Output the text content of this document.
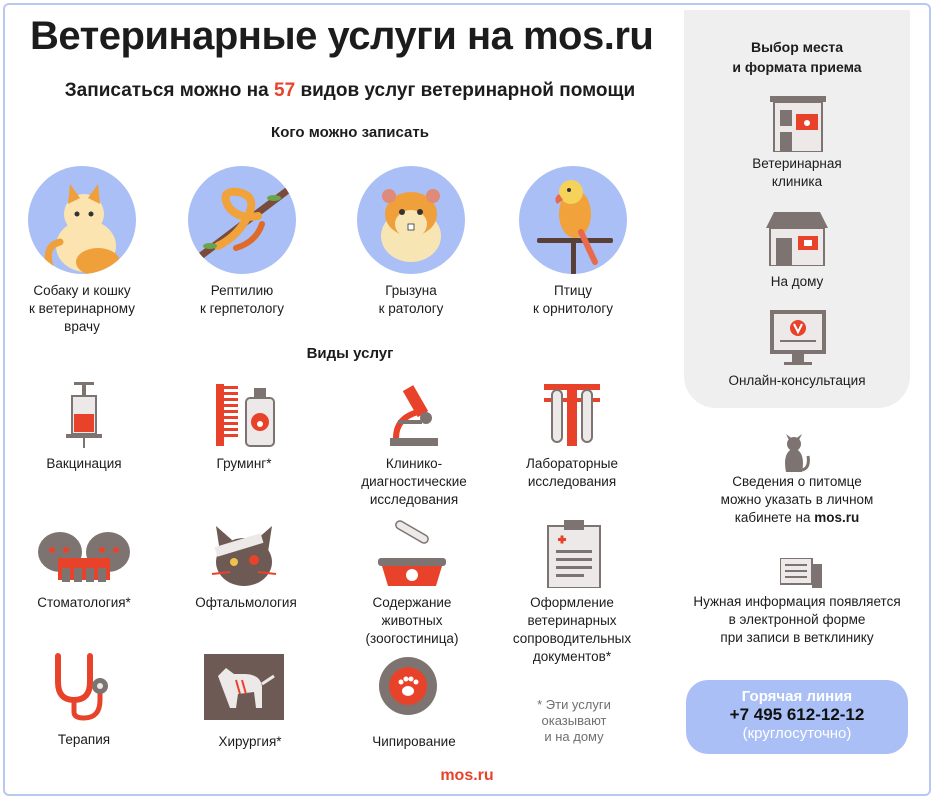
Ветеринарные услуги на mos.ru
Записаться можно на 57 видов услуг ветеринарной помощи
Кого можно записать
Собаку и кошку
к ветеринарному
врачу
Рептилию
к герпетологу
Грызуна
к ратологу
Птицу
к орнитологу
Виды услуг
Вакцинация	Груминг*	Клинико-
диагностические
исследования
Лабораторные
исследования
Стоматология*	Офтальмология	Содержание
животных
(зоогостиница)
Оформление
ветеринарных
сопроводительных
документов*
Терапия	Хирургия*	Чипирование
* Эти услуги
оказывают
и на дому
Выбор места
и формата приема
Ветеринарная
клиника
На дому
Онлайн-консультация
Сведения о питомце
можно указать в личном
кабинете на mos.ru
Нужная информация появляется
в электронной форме
при записи в ветклинику
Горячая линия
+7 495 612-12-12
(круглосуточно)
mos.ru
